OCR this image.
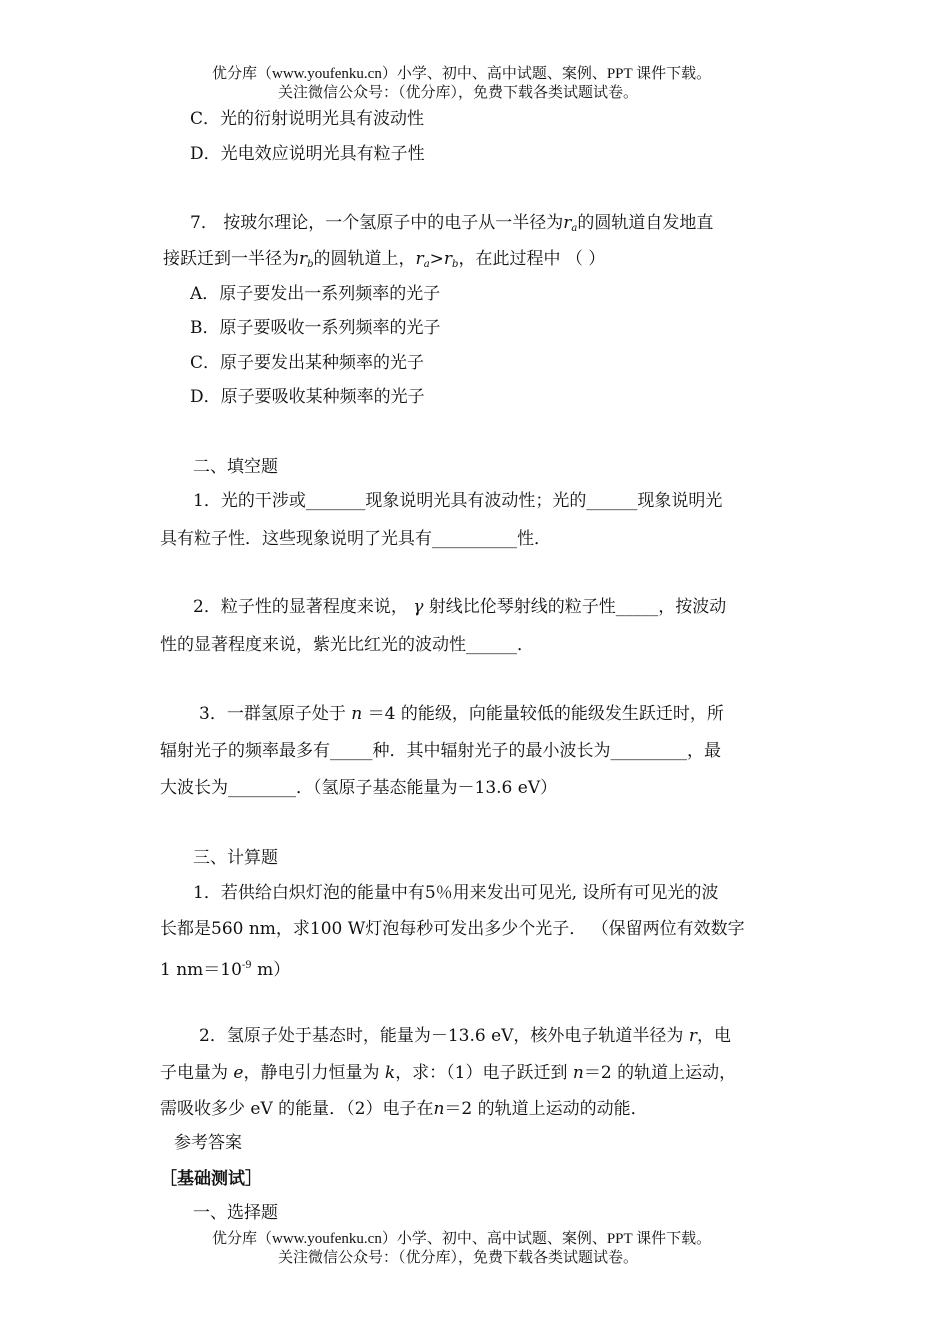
优分库（www.youfenku.cn）小学、初中、高中试题、案例、PPT 课件下载。
关注微信公众号：（优分库），免费下载各类试题试卷。
C．光的衍射说明光具有波动性
D．光电效应说明光具有粒子性
7． 按玻尔理论，一个氢原子中的电子从一半径为$r_a$的圆轨道自发地直
接跃迁到一半径为$r_b$的圆轨道上，$r_a>r_b$，在此过程中 （ ）
A．原子要发出一系列频率的光子
B．原子要吸收一系列频率的光子
C．原子要发出某种频率的光子
D．原子要吸收某种频率的光子
二、填空题
1．光的干涉或_______现象说明光具有波动性；光的______现象说明光
具有粒子性．这些现象说明了光具有__________性．
2．粒子性的显著程度来说， γ 射线比伦琴射线的粒子性_____，按波动
性的显著程度来说，紫光比红光的波动性______．
3．一群氢原子处于 n ＝4 的能级，向能量较低的能级发生跃迁时，所
辐射光子的频率最多有_____种．其中辐射光子的最小波长为_________，最
大波长为________．（氢原子基态能量为－13.6 eV）
三、计算题
1．若供给白炽灯泡的能量中有5％用来发出可见光, 设所有可见光的波
长都是560 nm，求100 W灯泡每秒可发出多少个光子． （保留两位有效数字
1 $nm=10^{-9}$ m）
2．氢原子处于基态时，能量为－13.6 eV，核外电子轨道半径为 r，电
子电量为 e，静电引力恒量为 k，求：（1）电子跃迁到 n＝2 的轨道上运动，
需吸收多少 eV 的能量．（2）电子在n＝2 的轨道上运动的动能．
参考答案
［基础测试］
一、选择题
优分库（www.youfenku.cn）小学、初中、高中试题、案例、PPT 课件下载。
关注微信公众号：（优分库），免费下载各类试题试卷。
